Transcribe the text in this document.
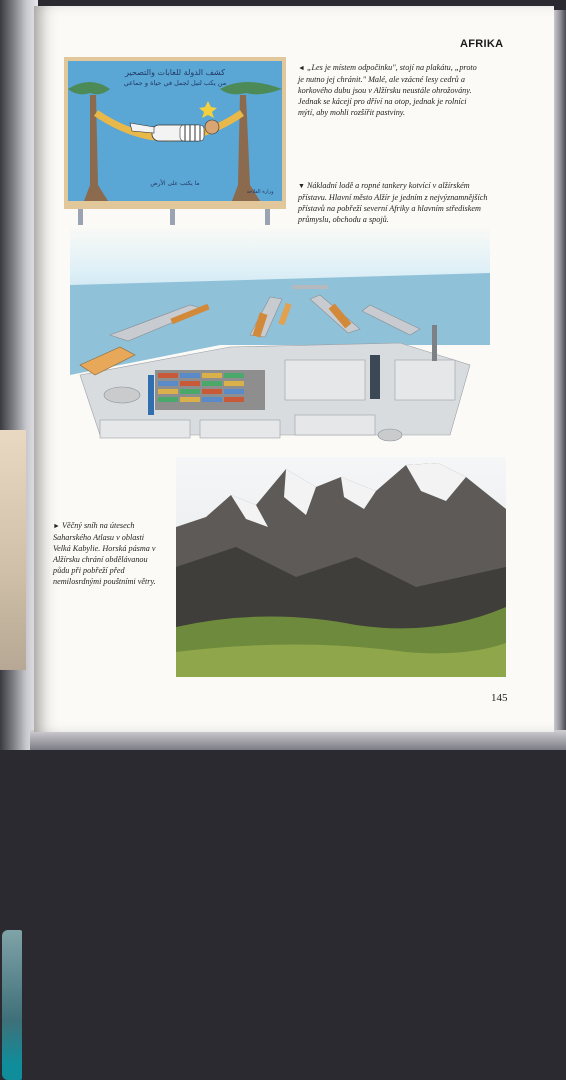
AFRIKA
كشف الدولة للغابات والتصحير
من يكب لتيل لجمل في حياة و جماعي
ما يكتب على الأرض
وزارة الفلاحة

◄ „Les je místem odpočinku", stojí na plakátu, „proto je nutno jej chránit." Malé, ale vzácné lesy cedrů a korkového dubu jsou v Alžírsku neustále ohrožovány. Jednak se kácejí pro dříví na otop, jednak je rolníci mýtí, aby mohli rozšířit pastviny.

▼ Nákladní lodě a ropné tankery kotvící v alžírském přístavu. Hlavní město Alžír je jedním z nejvýznamnějších přístavů na pobřeží severní Afriky a hlavním střediskem průmyslu, obchodu a spojů.

► Věčný sníh na útesech Saharského Atlasu v oblasti Velká Kabylie. Horská pásma v Alžírsku chrání obdělávanou půdu při pobřeží před nemilosrdnými pouštními větry.

145
